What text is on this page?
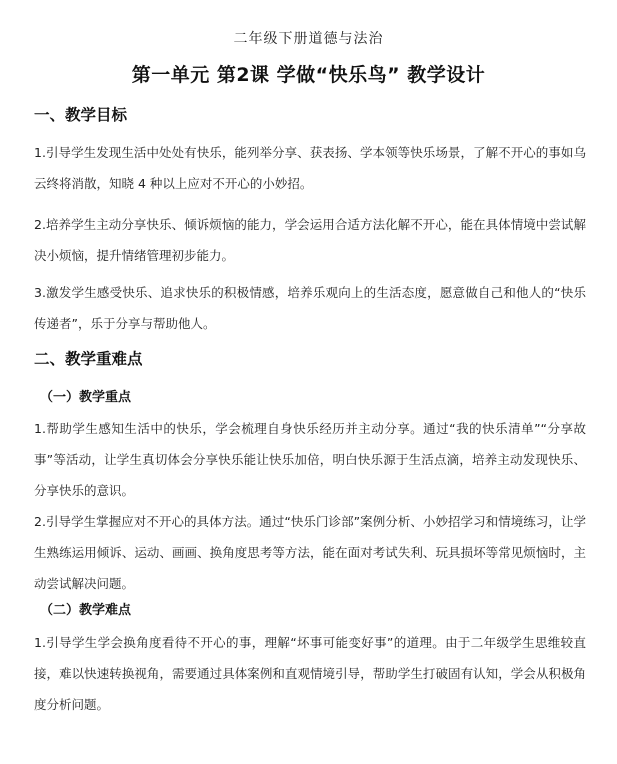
二年级下册道德与法治
第一单元 第2课 学做“快乐鸟” 教学设计
一、教学目标
1.引导学生发现生活中处处有快乐，能列举分享、获表扬、学本领等快乐场景，了解不开心的事如乌云终将消散，知晓 4 种以上应对不开心的小妙招。
2.培养学生主动分享快乐、倾诉烦恼的能力，学会运用合适方法化解不开心，能在具体情境中尝试解决小烦恼，提升情绪管理初步能力。
3.激发学生感受快乐、追求快乐的积极情感，培养乐观向上的生活态度，愿意做自己和他人的“快乐传递者”，乐于分享与帮助他人。
二、教学重难点
（一）教学重点
1.帮助学生感知生活中的快乐，学会梳理自身快乐经历并主动分享。通过“我的快乐清单”“分享故事”等活动，让学生真切体会分享快乐能让快乐加倍，明白快乐源于生活点滴，培养主动发现快乐、分享快乐的意识。
2.引导学生掌握应对不开心的具体方法。通过“快乐门诊部”案例分析、小妙招学习和情境练习，让学生熟练运用倾诉、运动、画画、换角度思考等方法，能在面对考试失利、玩具损坏等常见烦恼时，主动尝试解决问题。
（二）教学难点
1.引导学生学会换角度看待不开心的事，理解“坏事可能变好事”的道理。由于二年级学生思维较直接，难以快速转换视角，需要通过具体案例和直观情境引导，帮助学生打破固有认知，学会从积极角度分析问题。
